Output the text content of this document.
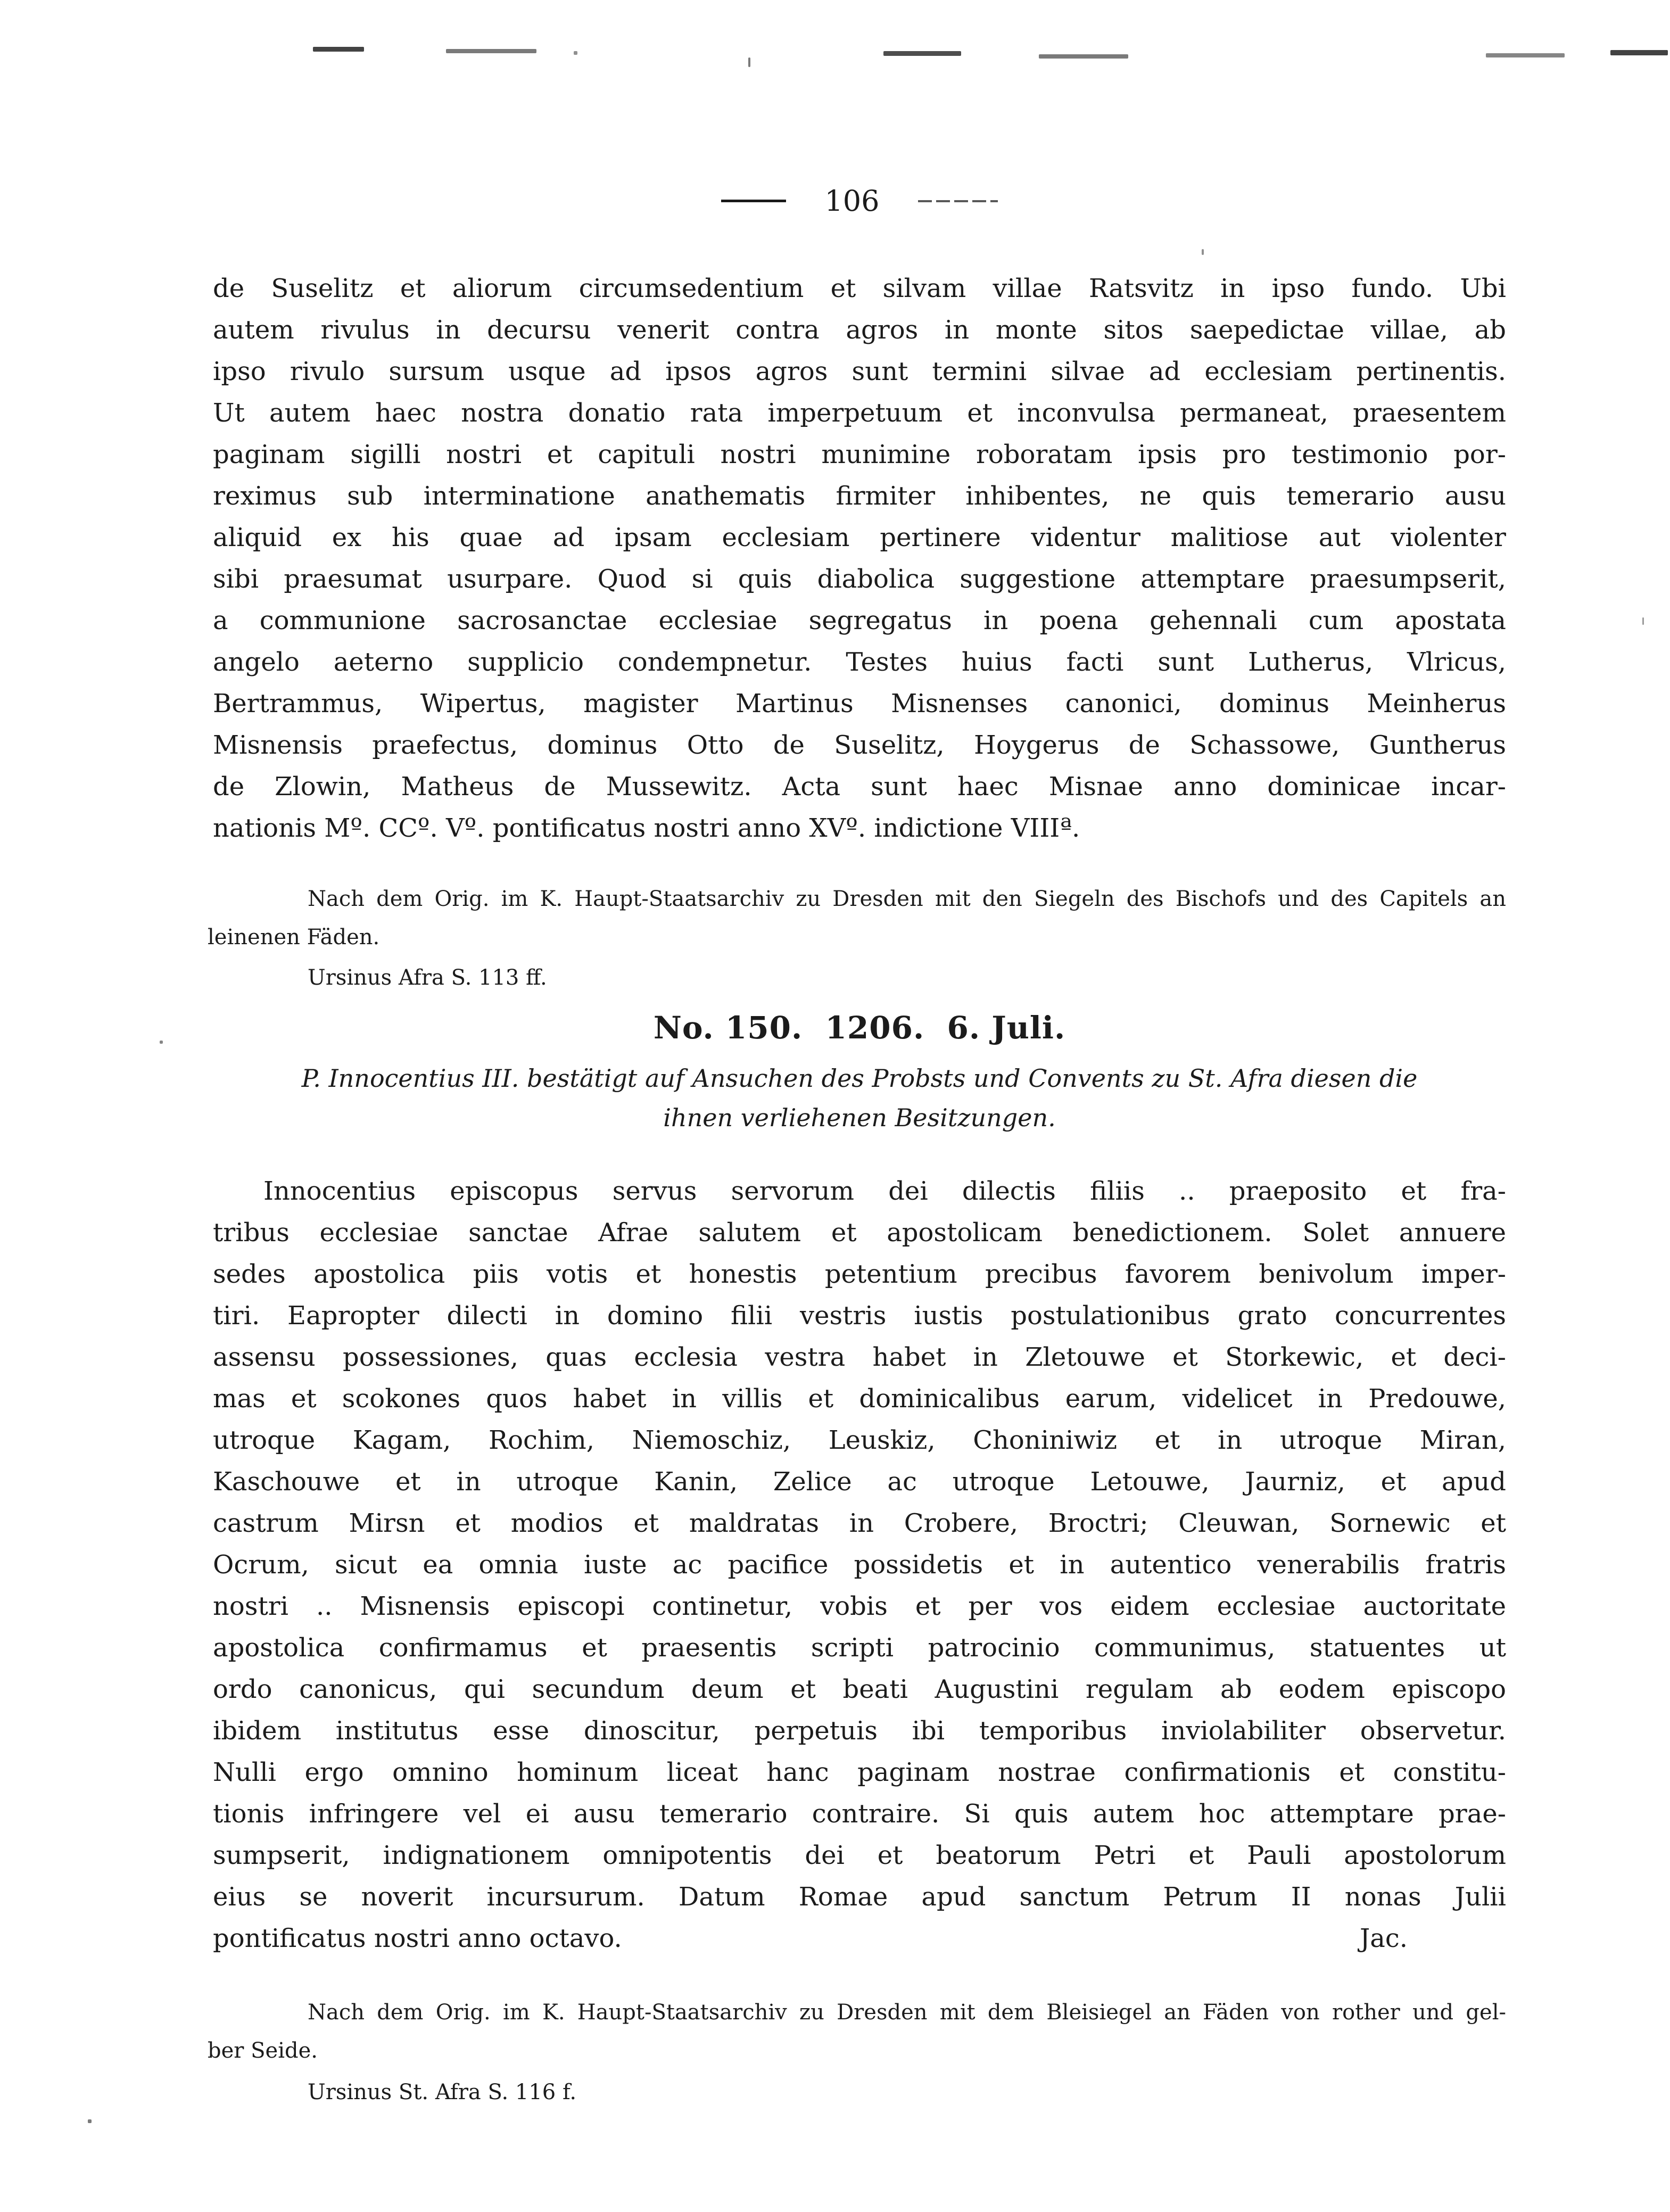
106
de Suselitz et aliorum circumsedentium et silvam villae Ratsvitz in ipso fundo. Ubi
autem rivulus in decursu venerit contra agros in monte sitos saepedictae villae, ab
ipso rivulo sursum usque ad ipsos agros sunt termini silvae ad ecclesiam pertinentis.
Ut autem haec nostra donatio rata imperpetuum et inconvulsa permaneat, praesentem
paginam sigilli nostri et capituli nostri munimine roboratam ipsis pro testimonio por-
reximus sub interminatione anathematis firmiter inhibentes, ne quis temerario ausu
aliquid ex his quae ad ipsam ecclesiam pertinere videntur malitiose aut violenter
sibi praesumat usurpare. Quod si quis diabolica suggestione attemptare praesumpserit,
a communione sacrosanctae ecclesiae segregatus in poena gehennali cum apostata
angelo aeterno supplicio condempnetur. Testes huius facti sunt Lutherus, Vlricus,
Bertrammus, Wipertus, magister Martinus Misnenses canonici, dominus Meinherus
Misnensis praefectus, dominus Otto de Suselitz, Hoygerus de Schassowe, Guntherus
de Zlowin, Matheus de Mussewitz. Acta sunt haec Misnae anno dominicae incar-
nationis Mº. CCº. Vº. pontificatus nostri anno XVº. indictione VIIIª.
Nach dem Orig. im K. Haupt-Staatsarchiv zu Dresden mit den Siegeln des Bischofs und des Capitels an
leinenen Fäden.
Ursinus Afra S. 113 ff.
No. 150.  1206.  6. Juli.
P. Innocentius III. bestätigt auf Ansuchen des Probsts und Convents zu St. Afra diesen die
ihnen verliehenen Besitzungen.
Innocentius episcopus servus servorum dei dilectis filiis .. praeposito et fra-
tribus ecclesiae sanctae Afrae salutem et apostolicam benedictionem. Solet annuere
sedes apostolica piis votis et honestis petentium precibus favorem benivolum imper-
tiri. Eapropter dilecti in domino filii vestris iustis postulationibus grato concurrentes
assensu possessiones, quas ecclesia vestra habet in Zletouwe et Storkewic, et deci-
mas et scokones quos habet in villis et dominicalibus earum, videlicet in Predouwe,
utroque Kagam, Rochim, Niemoschiz, Leuskiz, Choniniwiz et in utroque Miran,
Kaschouwe et in utroque Kanin, Zelice ac utroque Letouwe, Jaurniz, et apud
castrum Mirsn et modios et maldratas in Crobere, Broctri; Cleuwan, Sornewic et
Ocrum, sicut ea omnia iuste ac pacifice possidetis et in autentico venerabilis fratris
nostri .. Misnensis episcopi continetur, vobis et per vos eidem ecclesiae auctoritate
apostolica confirmamus et praesentis scripti patrocinio communimus, statuentes ut
ordo canonicus, qui secundum deum et beati Augustini regulam ab eodem episcopo
ibidem institutus esse dinoscitur, perpetuis ibi temporibus inviolabiliter observetur.
Nulli ergo omnino hominum liceat hanc paginam nostrae confirmationis et constitu-
tionis infringere vel ei ausu temerario contraire. Si quis autem hoc attemptare prae-
sumpserit, indignationem omnipotentis dei et beatorum Petri et Pauli apostolorum
eius se noverit incursurum. Datum Romae apud sanctum Petrum II nonas Julii
pontificatus nostri anno octavo.	Jac.
Nach dem Orig. im K. Haupt-Staatsarchiv zu Dresden mit dem Bleisiegel an Fäden von rother und gel-
ber Seide.
Ursinus St. Afra S. 116 f.
